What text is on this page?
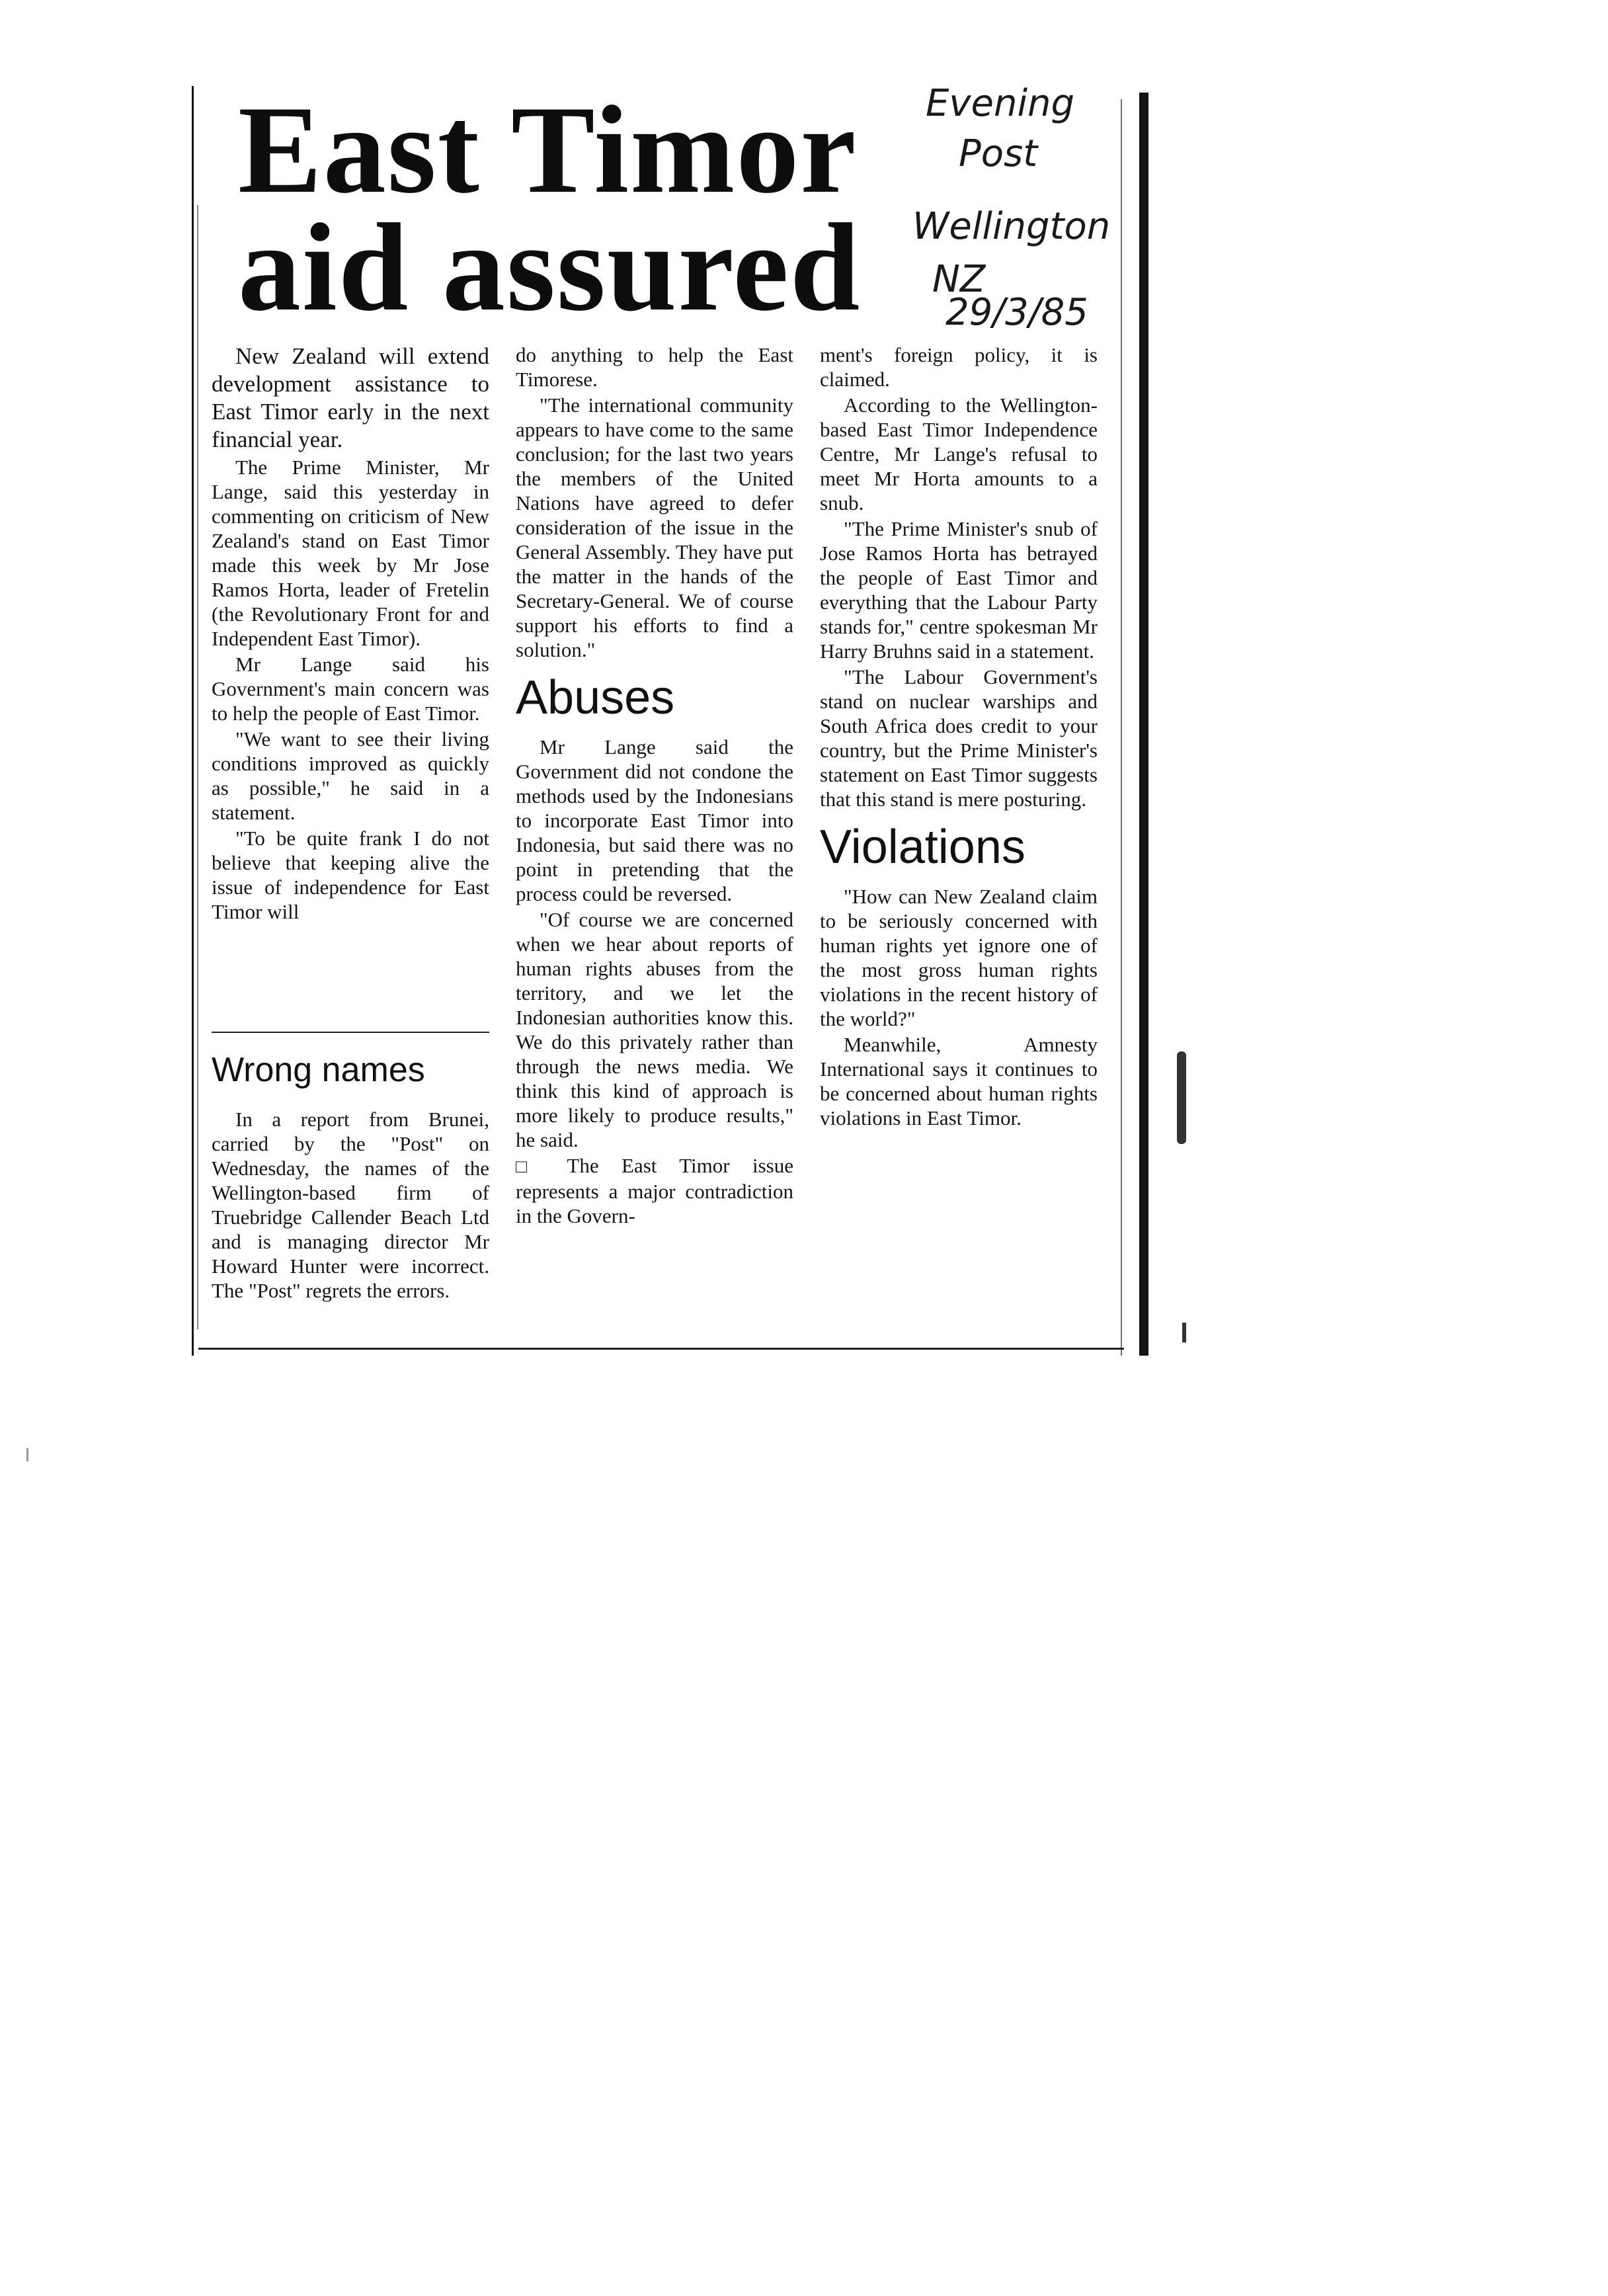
East Timor
aid assured
Evening
Post
Wellington
NZ
29/3/85

New Zealand will extend development assistance to East Timor early in the next financial year.

The Prime Minister, Mr Lange, said this yesterday in commenting on criticism of New Zealand's stand on East Timor made this week by Mr Jose Ramos Horta, leader of Fretelin (the Revolutionary Front for and Independent East Timor).

Mr Lange said his Government's main concern was to help the people of East Timor.

"We want to see their living conditions improved as quickly as possible," he said in a statement.

"To be quite frank I do not believe that keeping alive the issue of independence for East Timor will

Wrong names

In a report from Brunei, carried by the "Post" on Wednesday, the names of the Wellington-based firm of Truebridge Callender Beach Ltd and is managing director Mr Howard Hunter were incorrect. The "Post" regrets the errors.

do anything to help the East Timorese.

"The international community appears to have come to the same conclusion; for the last two years the members of the United Nations have agreed to defer consideration of the issue in the General Assembly. They have put the matter in the hands of the Secretary-General. We of course support his efforts to find a solution."

Abuses

Mr Lange said the Government did not condone the methods used by the Indonesians to incorporate East Timor into Indonesia, but said there was no point in pretending that the process could be reversed.

"Of course we are concerned when we hear about reports of human rights abuses from the territory, and we let the Indonesian authorities know this. We do this privately rather than through the news media. We think this kind of approach is more likely to produce results," he said.

□ The East Timor issue represents a major contradiction in the Govern-

ment's foreign policy, it is claimed.

According to the Wellington-based East Timor Independence Centre, Mr Lange's refusal to meet Mr Horta amounts to a snub.

"The Prime Minister's snub of Jose Ramos Horta has betrayed the people of East Timor and everything that the Labour Party stands for," centre spokesman Mr Harry Bruhns said in a statement.

"The Labour Government's stand on nuclear warships and South Africa does credit to your country, but the Prime Minister's statement on East Timor suggests that this stand is mere posturing.

Violations

"How can New Zealand claim to be seriously concerned with human rights yet ignore one of the most gross human rights violations in the recent history of the world?"

Meanwhile, Amnesty International says it continues to be concerned about human rights violations in East Timor.
